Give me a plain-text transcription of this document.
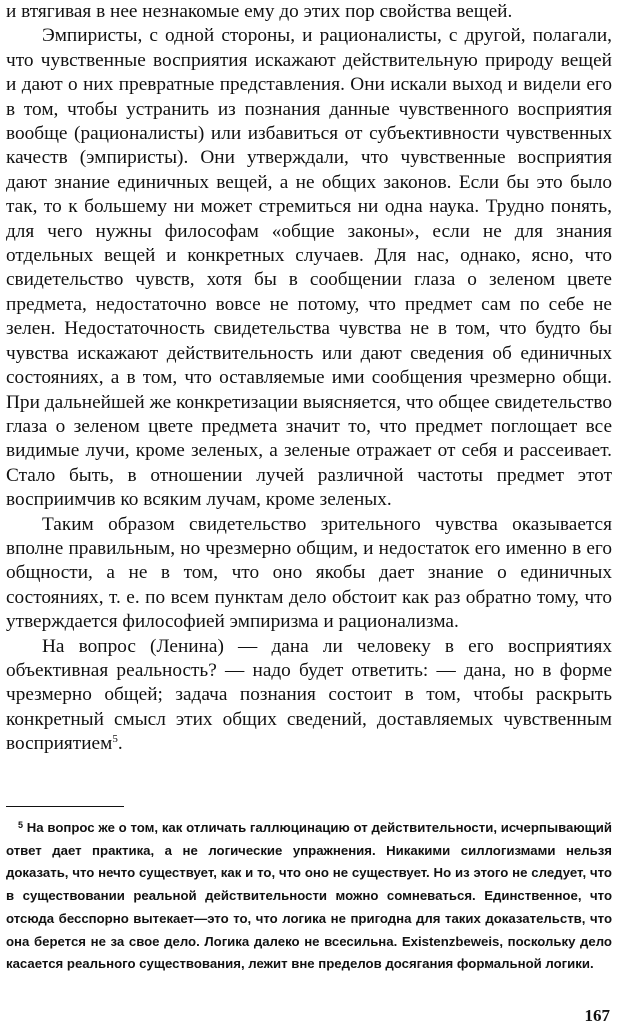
и втягивая в нее незнакомые ему до этих пор свойства вещей.

Эмпиристы, с одной стороны, и рационалисты, с другой, полагали, что чувственные восприятия искажают действительную природу вещей и дают о них превратные представления. Они искали выход и видели его в том, чтобы устранить из познания данные чувственного восприятия вообще (рационалисты) или избавиться от субъективности чувственных качеств (эмпиристы). Они утверждали, что чувственные восприятия дают знание единичных вещей, а не общих законов. Если бы это было так, то к большему ни может стремиться ни одна наука. Трудно понять, для чего нужны философам «общие законы», если не для знания отдельных вещей и конкретных случаев. Для нас, однако, ясно, что свидетельство чувств, хотя бы в сообщении глаза о зеленом цвете предмета, недостаточно вовсе не потому, что предмет сам по себе не зелен. Недостаточность свидетельства чувства не в том, что будто бы чувства искажают действительность или дают сведения об единичных состояниях, а в том, что оставляемые ими сообщения чрезмерно общи. При дальнейшей же конкретизации выясняется, что общее свидетельство глаза о зеленом цвете предмета значит то, что предмет поглощает все видимые лучи, кроме зеленых, а зеленые отражает от себя и рассеивает. Стало быть, в отношении лучей различной частоты предмет этот восприимчив ко всяким лучам, кроме зеленых.

Таким образом свидетельство зрительного чувства оказывается вполне правильным, но чрезмерно общим, и недостаток его именно в его общности, а не в том, что оно якобы дает знание о единичных состояниях, т. е. по всем пунктам дело обстоит как раз обратно тому, что утверждается философией эмпиризма и рационализма.

На вопрос (Ленина) — дана ли человеку в его восприятиях объективная реальность? — надо будет ответить: — дана, но в форме чрезмерно общей; задача познания состоит в том, чтобы раскрыть конкретный смысл этих общих сведений, доставляемых чувственным восприятием$^5$.

$^5$ На вопрос же о том, как отличать галлюцинацию от действительности, исчерпывающий ответ дает практика, а не логические упражнения. Никакими силлогизмами нельзя доказать, что нечто существует, как и то, что оно не существует. Но из этого не следует, что в существовании реальной действительности можно сомневаться. Единственное, что отсюда бесспорно вытекает—это то, что логика не пригодна для таких доказательств, что она берется не за свое дело. Логика далеко не всесильна. Existenzbeweis, поскольку дело касается реального существования, лежит вне пределов досягания формальной логики.

167
